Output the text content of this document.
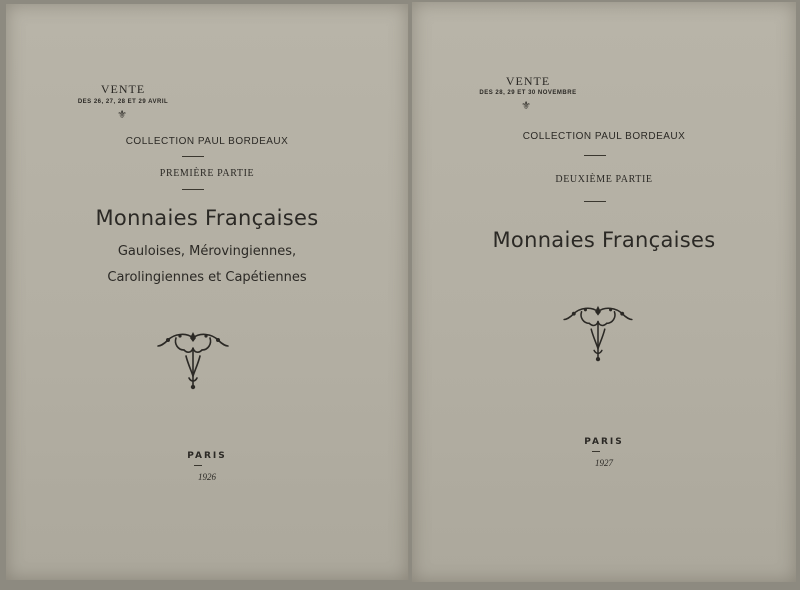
VENTE
DES 26, 27, 28 ET 29 AVRIL
⚜
COLLECTION PAUL BORDEAUX
PREMIÈRE PARTIE
Monnaies Françaises
Gauloises, Mérovingiennes,
Carolingiennes et Capétiennes
PARIS
1926
VENTE
DES 28, 29 ET 30 NOVEMBRE
⚜
COLLECTION PAUL BORDEAUX
DEUXIÈME PARTIE
Monnaies Françaises
PARIS
1927
